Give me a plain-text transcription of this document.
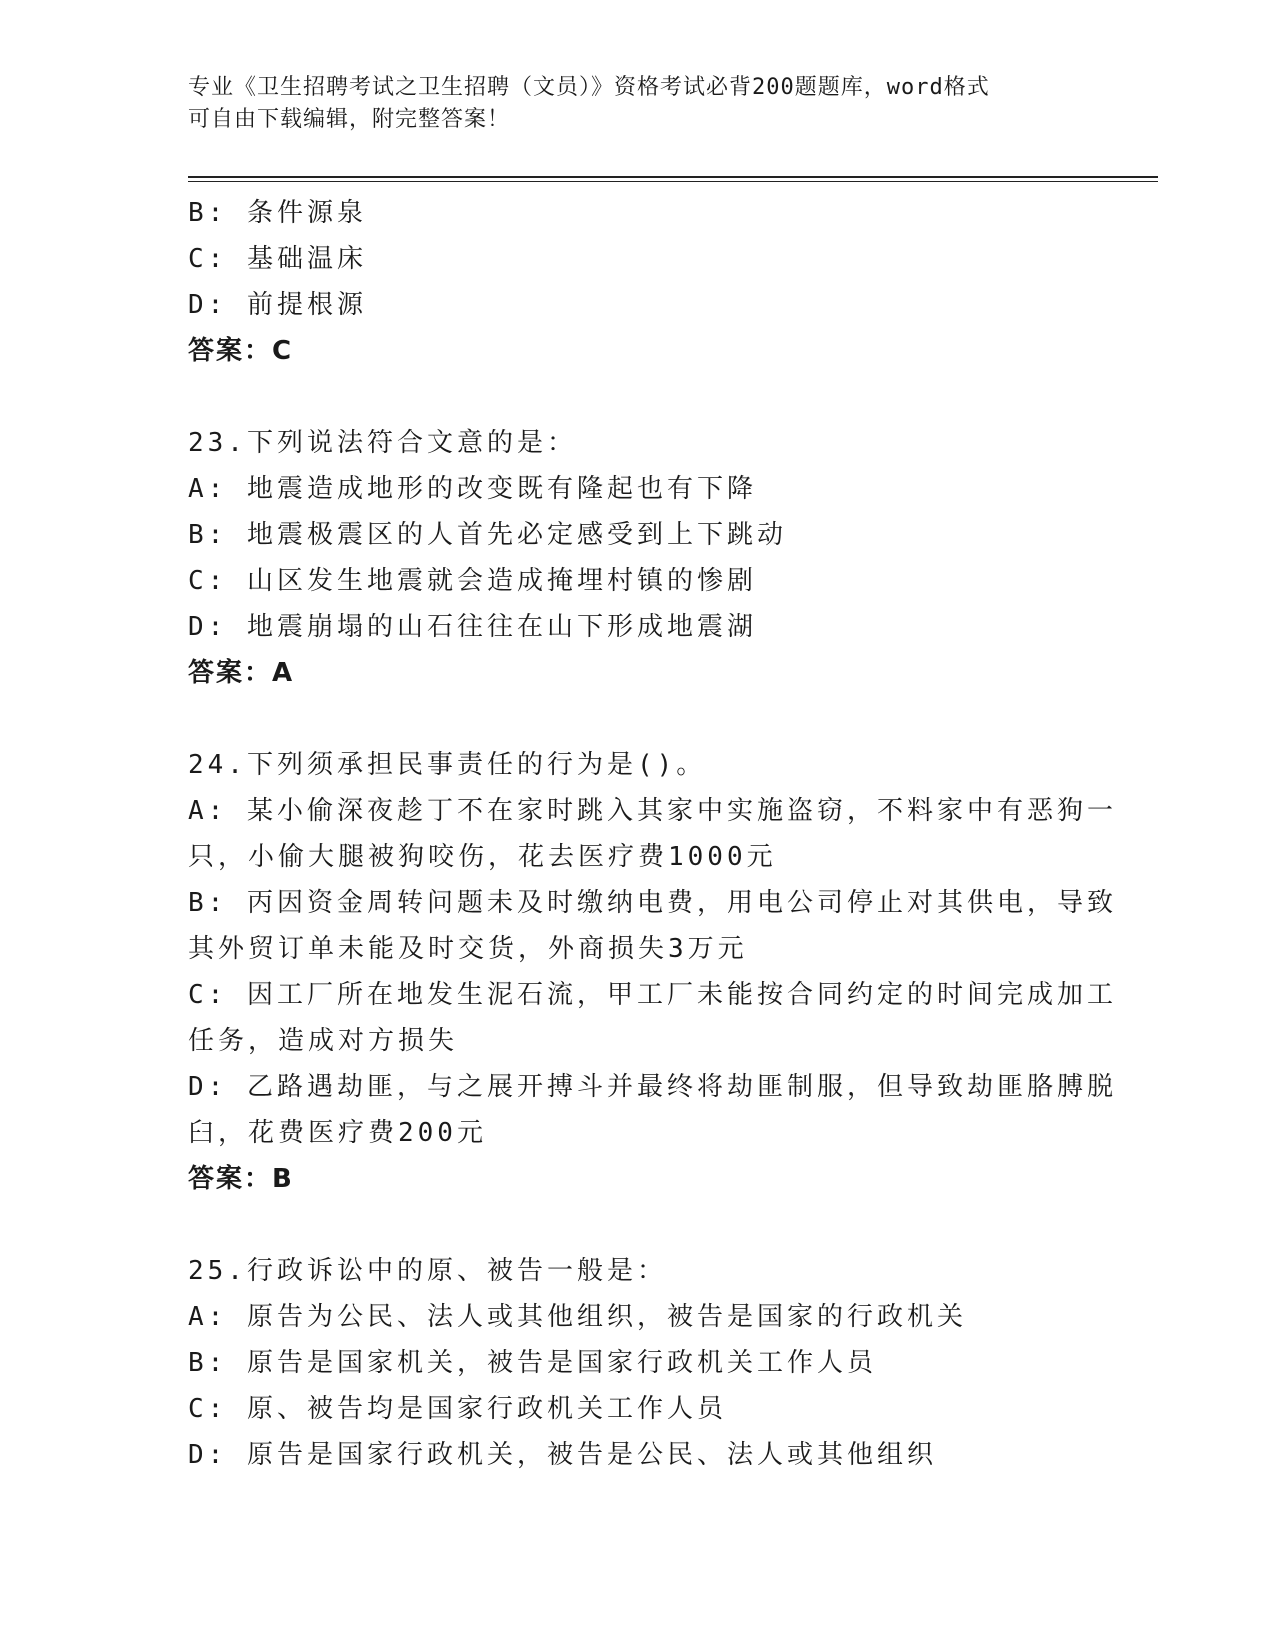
专业《卫生招聘考试之卫生招聘（文员）》资格考试必背200题题库，word格式
可自由下载编辑，附完整答案！
B: 条件源泉
C: 基础温床
D: 前提根源
答案：C
23.下列说法符合文意的是：
A: 地震造成地形的改变既有隆起也有下降
B: 地震极震区的人首先必定感受到上下跳动
C: 山区发生地震就会造成掩埋村镇的惨剧
D: 地震崩塌的山石往往在山下形成地震湖
答案：A
24.下列须承担民事责任的行为是()。
A: 某小偷深夜趁丁不在家时跳入其家中实施盗窃，不料家中有恶狗一
只，小偷大腿被狗咬伤，花去医疗费1000元
B: 丙因资金周转问题未及时缴纳电费，用电公司停止对其供电，导致
其外贸订单未能及时交货，外商损失3万元
C: 因工厂所在地发生泥石流，甲工厂未能按合同约定的时间完成加工
任务，造成对方损失
D: 乙路遇劫匪，与之展开搏斗并最终将劫匪制服，但导致劫匪胳膊脱
臼，花费医疗费200元
答案：B
25.行政诉讼中的原、被告一般是：
A: 原告为公民、法人或其他组织，被告是国家的行政机关
B: 原告是国家机关，被告是国家行政机关工作人员
C: 原、被告均是国家行政机关工作人员
D: 原告是国家行政机关，被告是公民、法人或其他组织
